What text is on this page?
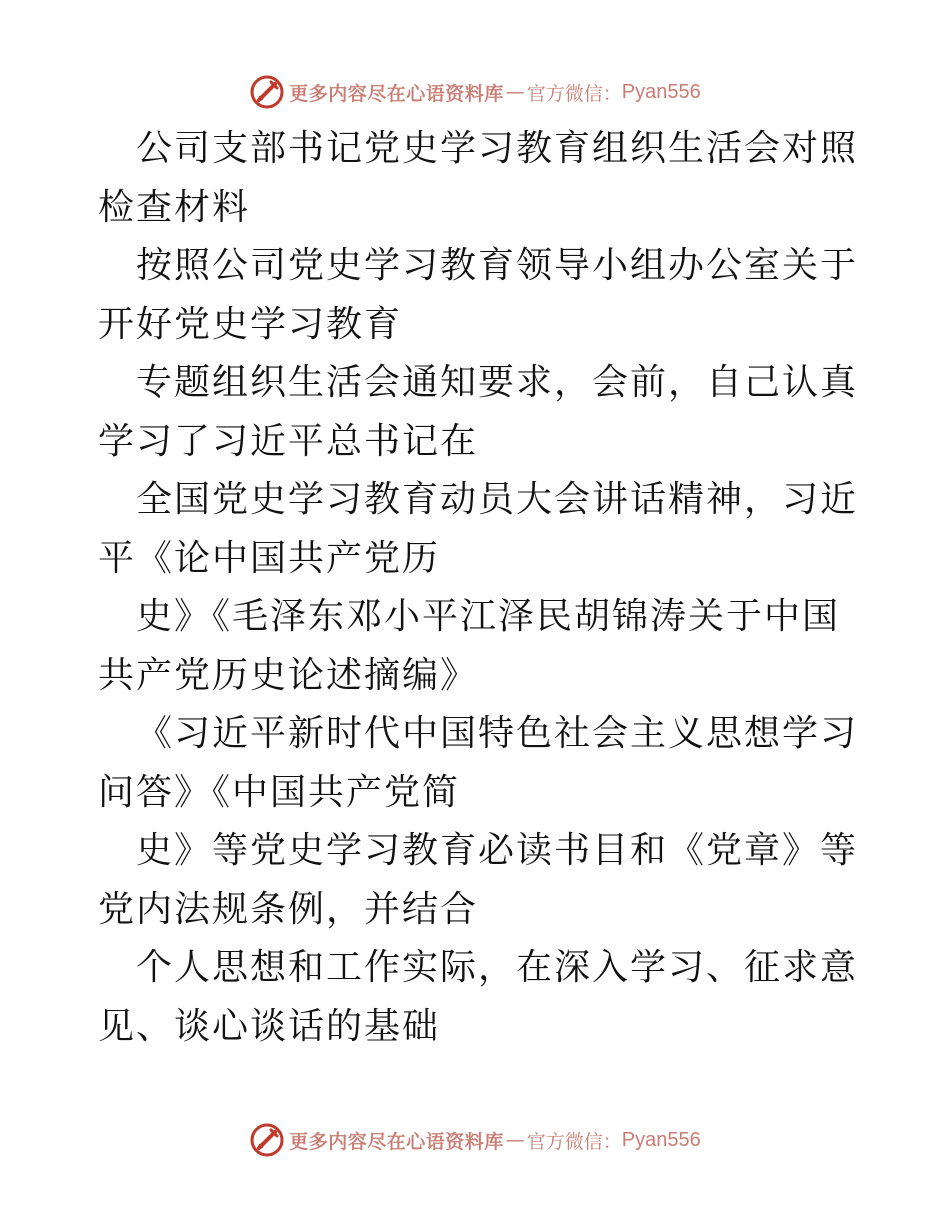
更多内容尽在心语资料库 — 官方微信： Pyan556

公司支部书记党史学习教育组织生活会对照检查材料

按照公司党史学习教育领导小组办公室关于开好党史学习教育

专题组织生活会通知要求，会前，自己认真学习了习近平总书记在

全国党史学习教育动员大会讲话精神，习近平《论中国共产党历

史》《毛泽东邓小平江泽民胡锦涛关于中国共产党历史论述摘编》

《习近平新时代中国特色社会主义思想学习问答》《中国共产党简

史》等党史学习教育必读书目和《党章》等党内法规条例，并结合

个人思想和工作实际，在深入学习、征求意见、谈心谈话的基础

更多内容尽在心语资料库 — 官方微信： Pyan556
